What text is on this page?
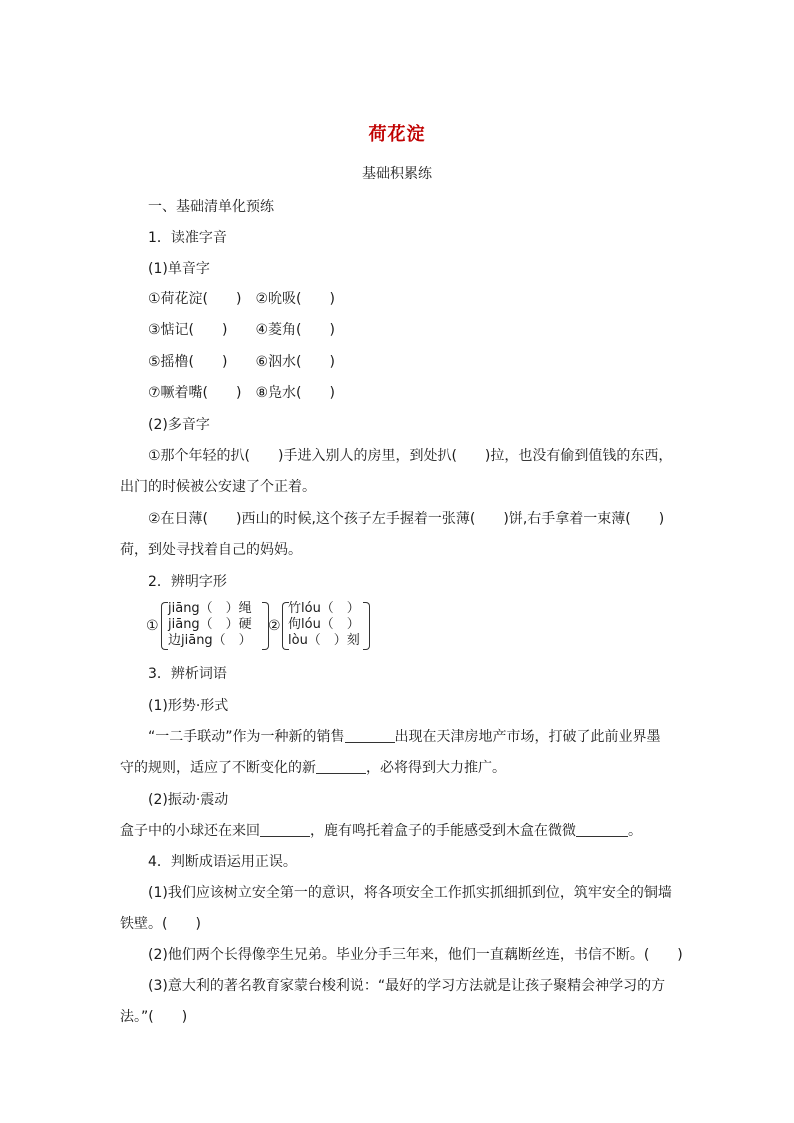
荷花淀
基础积累练
一、基础清单化预练
1．读准字音
(1)单音字
①荷花淀(　　)　②吮吸(　　)
③惦记(　　)　　④菱角(　　)
⑤摇橹(　　)　　⑥泅水(　　)
⑦噘着嘴(　　)　⑧凫水(　　)
(2)多音字
①那个年轻的扒(　　)手进入别人的房里，到处扒(　　)拉，也没有偷到值钱的东西，
出门的时候被公安逮了个正着。
②在日薄(　　)西山的时候,这个孩子左手握着一张薄(　　)饼,右手拿着一束薄(　　)
荷，到处寻找着自己的妈妈。
2．辨明字形
①
jiāng（　）绳
jiāng（　）硬
边jiāng（　）
②
竹lóu（　）
佝lóu（　）
lòu（　）刻
3．辨析词语
(1)形势·形式
“一二手联动”作为一种新的销售	出现在天津房地产市场，打破了此前业界墨
守的规则，适应了不断变化的新	，必将得到大力推广。
(2)振动·震动
盒子中的小球还在来回	，鹿有鸣托着盒子的手能感受到木盒在微微	。
4．判断成语运用正误。
(1)我们应该树立安全第一的意识，将各项安全工作抓实抓细抓到位，筑牢安全的铜墙
铁壁。(　　)
(2)他们两个长得像孪生兄弟。毕业分手三年来，他们一直藕断丝连，书信不断。(　　)
(3)意大利的著名教育家蒙台梭利说：“最好的学习方法就是让孩子聚精会神学习的方
法。”(　　)
